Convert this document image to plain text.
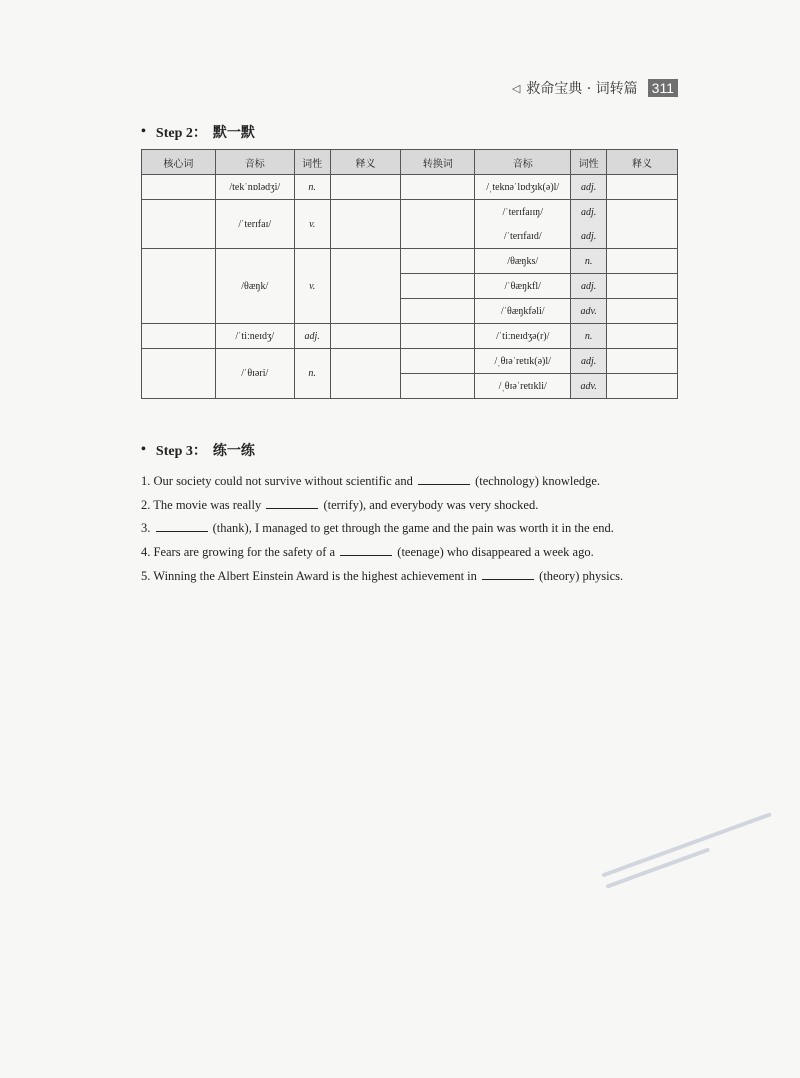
◁ 救命宝典 · 词转篇 311
• Step 2： 默一默
核心词	音标	词性	释义	转换词	音标	词性	释义
	/tekˈnɒlədʒi/	n.			/ˌteknəˈlɒdʒɪk(ə)l/	adj.	
	/ˈterɪfaɪ/	v.			/ˈterɪfaɪɪŋ/	adj.	
					/ˈterɪfaɪd/	adj.	
	/θæŋk/	v.			/θæŋks/	n.	
					/ˈθæŋkfl/	adj.	
					/ˈθæŋkfəli/	adv.	
	/ˈtiːneɪdʒ/	adj.			/ˈtiːneɪdʒə(r)/	n.	
	/ˈθɪəri/	n.			/ˌθɪəˈretɪk(ə)l/	adj.	
					/ˌθɪəˈretɪkli/	adv.	
• Step 3： 练一练
1. Our society could not survive without scientific and	(technology) knowledge.
2. The movie was really	(terrify), and everybody was very shocked.
3.	(thank), I managed to get through the game and the pain was worth it in the end.
4. Fears are growing for the safety of a	(teenage) who disappeared a week ago.
5. Winning the Albert Einstein Award is the highest achievement in	(theory) physics.
